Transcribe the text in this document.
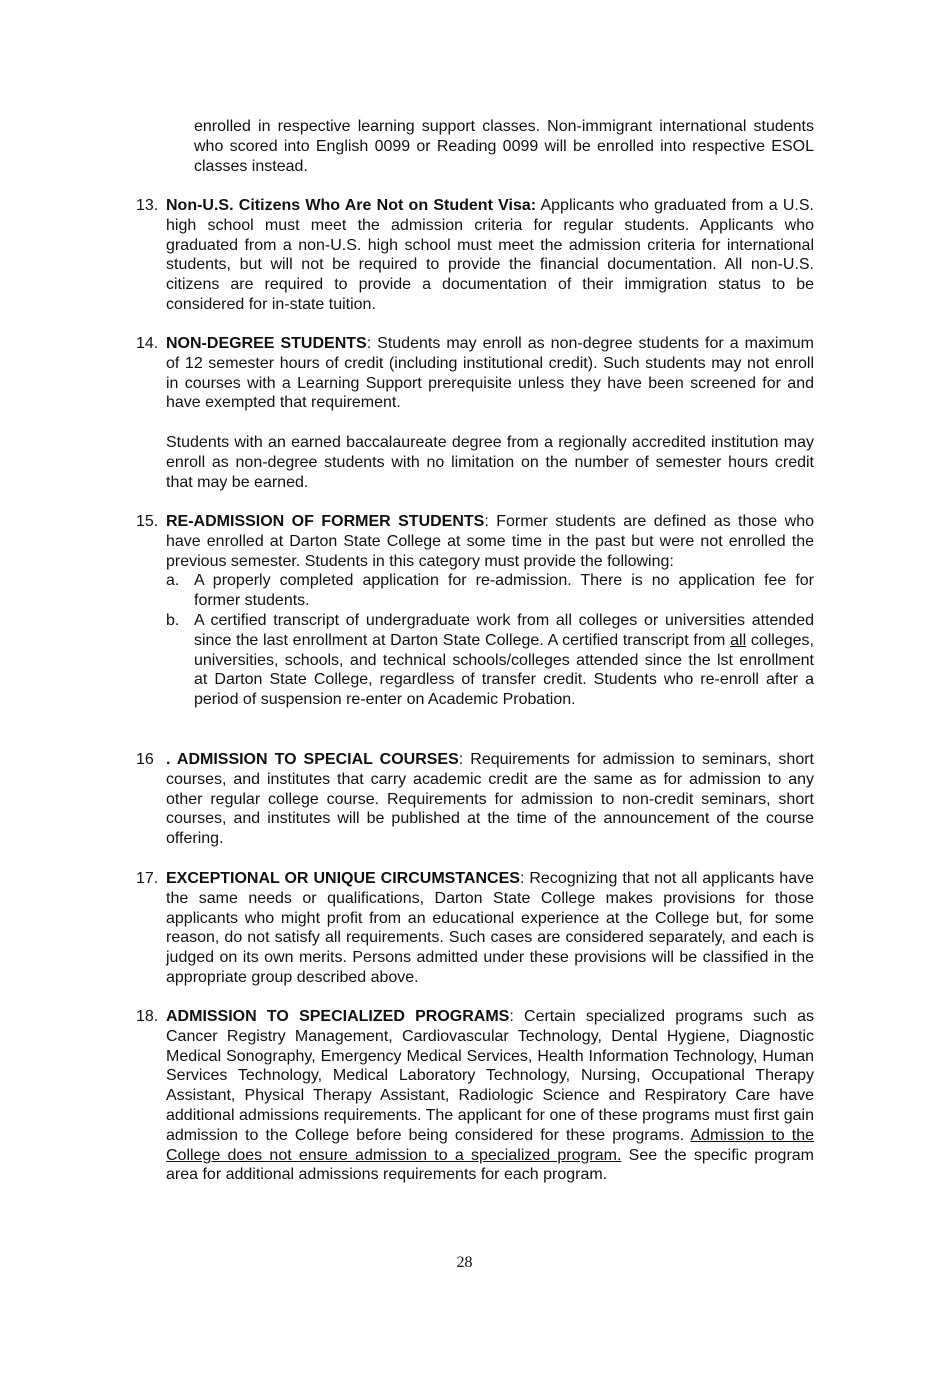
enrolled in respective learning support classes. Non-immigrant international students who scored into English 0099 or Reading 0099 will be enrolled into respective ESOL classes instead.

13. Non-U.S. Citizens Who Are Not on Student Visa: Applicants who graduated from a U.S. high school must meet the admission criteria for regular students. Applicants who graduated from a non-U.S. high school must meet the admission criteria for international students, but will not be required to provide the financial documentation. All non-U.S. citizens are required to provide a documentation of their immigration status to be considered for in-state tuition.

14. NON-DEGREE STUDENTS: Students may enroll as non-degree students for a maximum of 12 semester hours of credit (including institutional credit). Such students may not enroll in courses with a Learning Support prerequisite unless they have been screened for and have exempted that requirement.

Students with an earned baccalaureate degree from a regionally accredited institution may enroll as non-degree students with no limitation on the number of semester hours credit that may be earned.

15. RE-ADMISSION OF FORMER STUDENTS: Former students are defined as those who have enrolled at Darton State College at some time in the past but were not enrolled the previous semester. Students in this category must provide the following:

a. A properly completed application for re-admission. There is no application fee for former students.

b. A certified transcript of undergraduate work from all colleges or universities attended since the last enrollment at Darton State College. A certified transcript from all colleges, universities, schools, and technical schools/colleges attended since the lst enrollment at Darton State College, regardless of transfer credit. Students who re-enroll after a period of suspension re-enter on Academic Probation.

16 . ADMISSION TO SPECIAL COURSES: Requirements for admission to seminars, short courses, and institutes that carry academic credit are the same as for admission to any other regular college course. Requirements for admission to non-credit seminars, short courses, and institutes will be published at the time of the announcement of the course offering.

17. EXCEPTIONAL OR UNIQUE CIRCUMSTANCES: Recognizing that not all applicants have the same needs or qualifications, Darton State College makes provisions for those applicants who might profit from an educational experience at the College but, for some reason, do not satisfy all requirements. Such cases are considered separately, and each is judged on its own merits. Persons admitted under these provisions will be classified in the appropriate group described above.

18. ADMISSION TO SPECIALIZED PROGRAMS: Certain specialized programs such as Cancer Registry Management, Cardiovascular Technology, Dental Hygiene, Diagnostic Medical Sonography, Emergency Medical Services, Health Information Technology, Human Services Technology, Medical Laboratory Technology, Nursing, Occupational Therapy Assistant, Physical Therapy Assistant, Radiologic Science and Respiratory Care have additional admissions requirements. The applicant for one of these programs must first gain admission to the College before being considered for these programs. Admission to the College does not ensure admission to a specialized program. See the specific program area for additional admissions requirements for each program.

28
